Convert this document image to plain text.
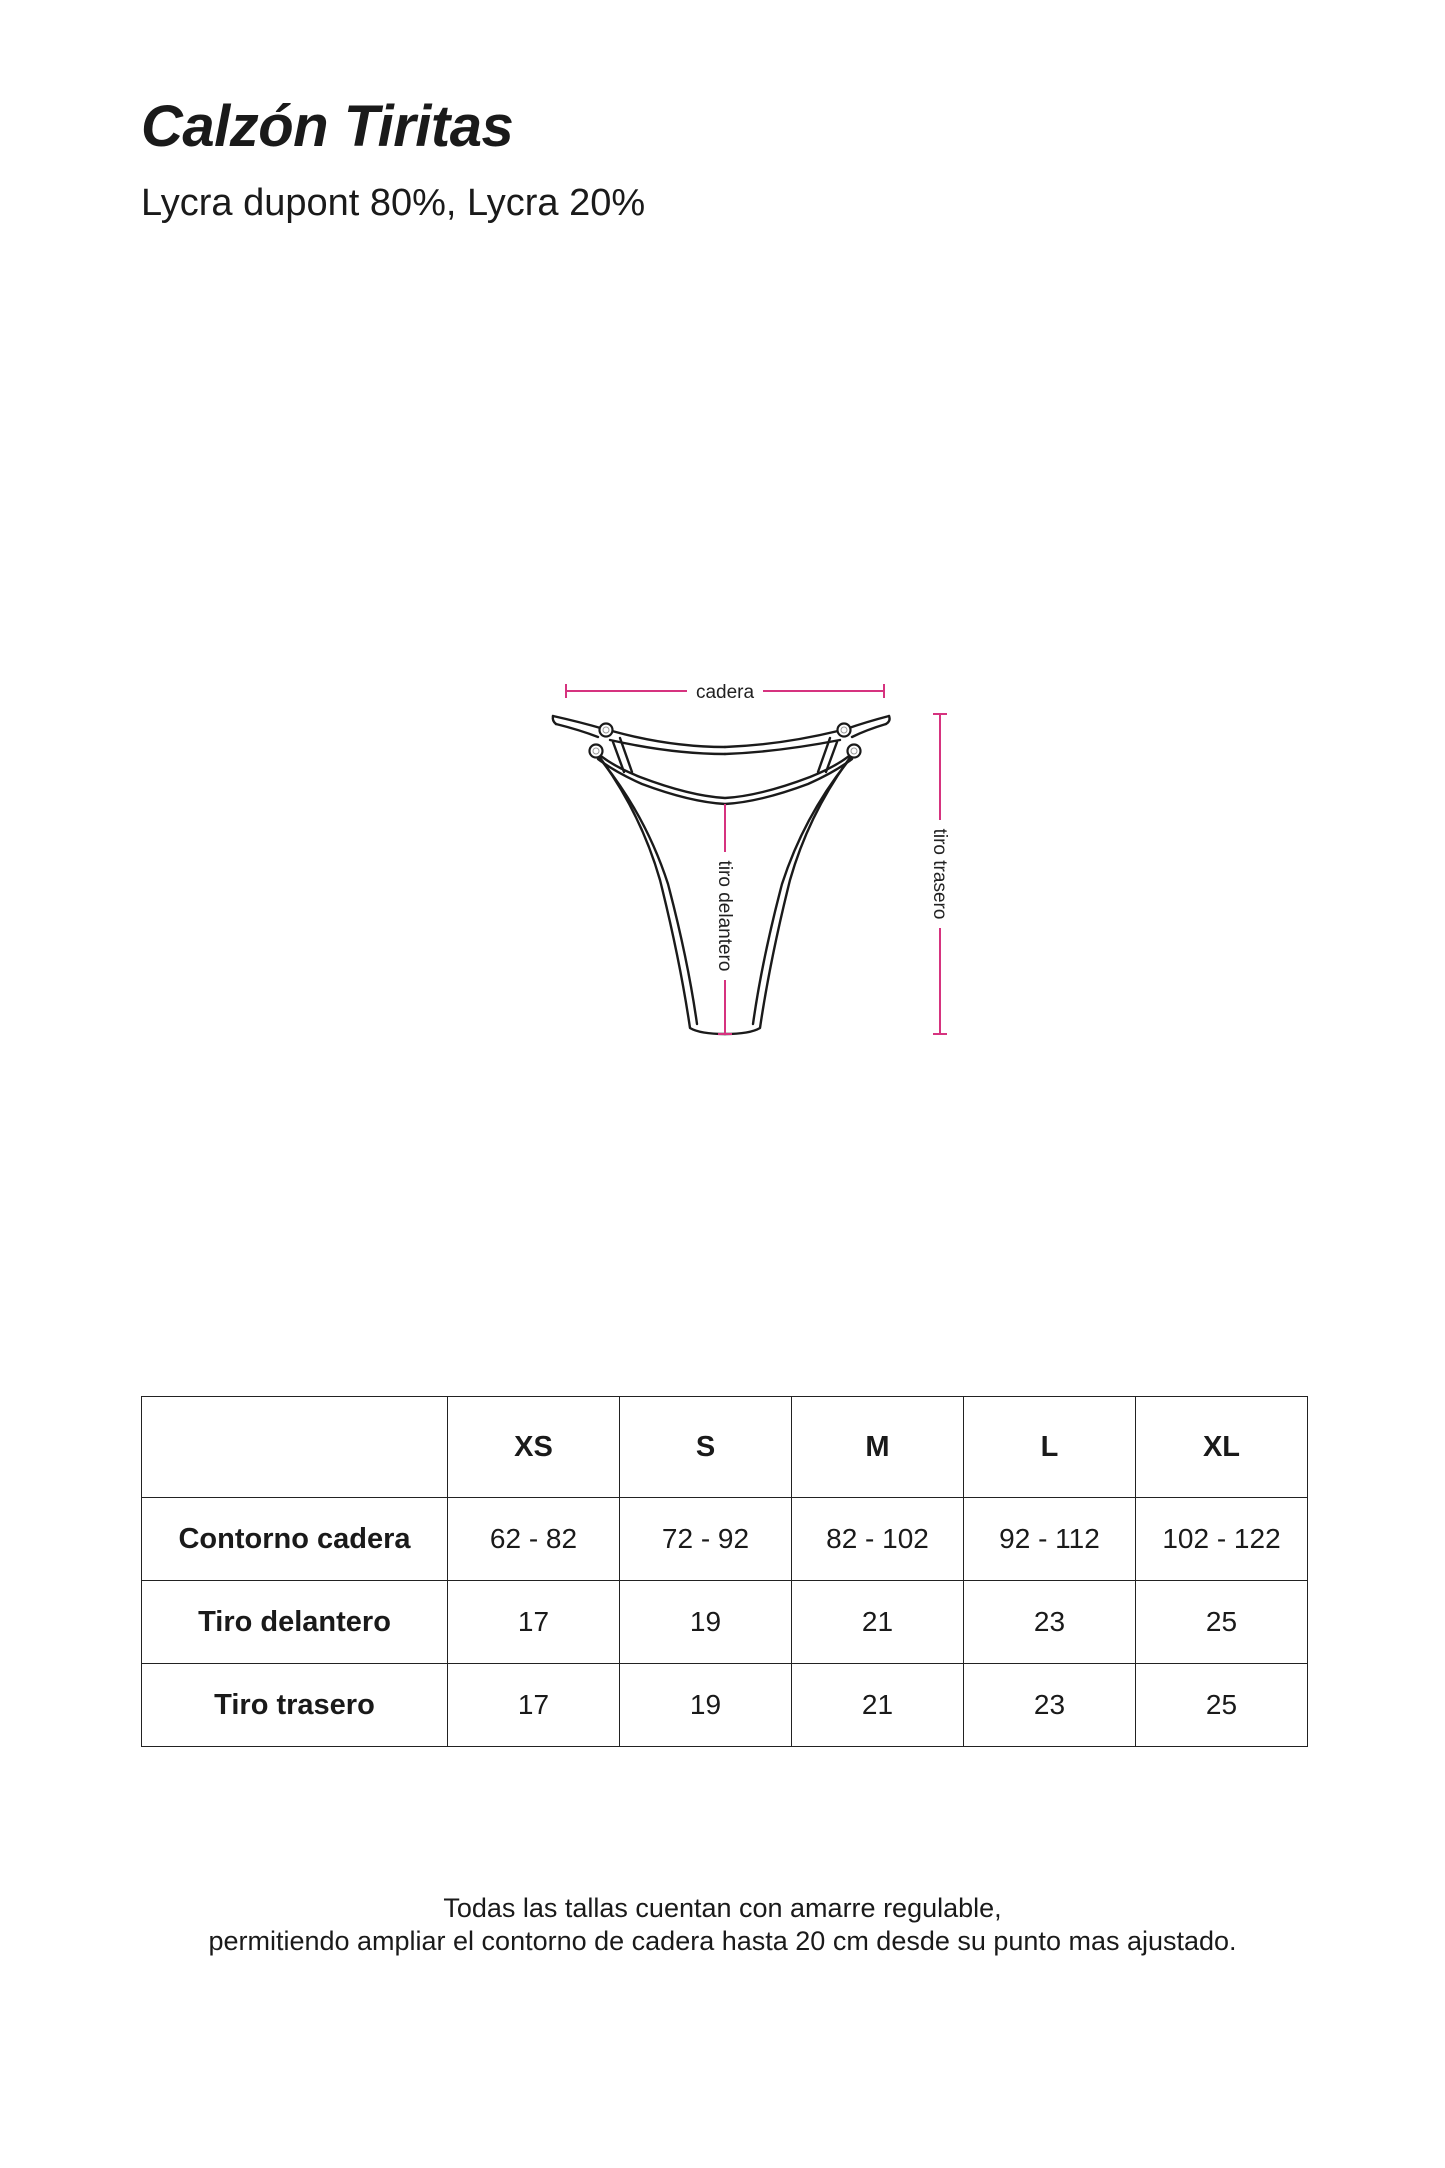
Calzón Tiritas

Lycra dupont 80%, Lycra 20%

cadera
tiro trasero
tiro delantero
	XS	S	M	L	XL
Contorno cadera	62 - 82	72 - 92	82 - 102	92 - 112	102 - 122
Tiro delantero	17	19	21	23	25
Tiro trasero	17	19	21	23	25
Todas las tallas cuentan con amarre regulable,
permitiendo ampliar el contorno de cadera hasta 20 cm desde su punto mas ajustado.
